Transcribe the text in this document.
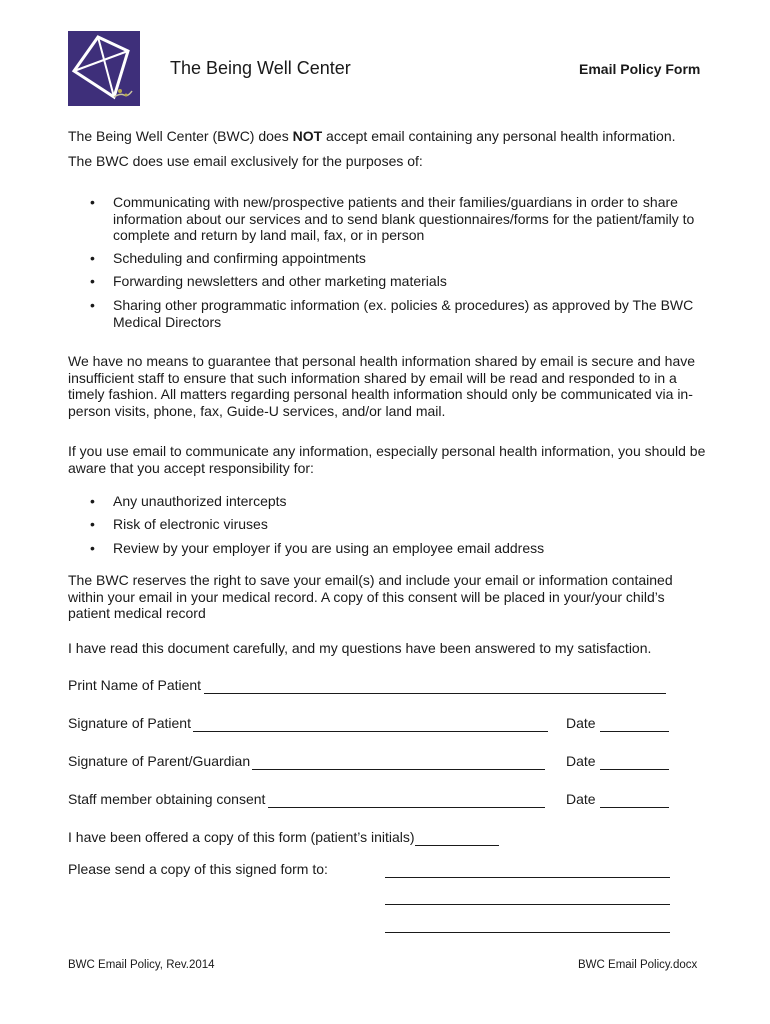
The Being Well Center	Email Policy Form
The Being Well Center (BWC) does NOT accept email containing any personal health information.
The BWC does use email exclusively for the purposes of:
• Communicating with new/prospective patients and their families/guardians in order to share information about our services and to send blank questionnaires/forms for the patient/family to complete and return by land mail, fax, or in person
• Scheduling and confirming appointments
• Forwarding newsletters and other marketing materials
• Sharing other programmatic information (ex. policies & procedures) as approved by The BWC Medical Directors
We have no means to guarantee that personal health information shared by email is secure and have insufficient staff to ensure that such information shared by email will be read and responded to in a timely fashion. All matters regarding personal health information should only be communicated via in-person visits, phone, fax, Guide-U services, and/or land mail.
If you use email to communicate any information, especially personal health information, you should be aware that you accept responsibility for:
• Any unauthorized intercepts
• Risk of electronic viruses
• Review by your employer if you are using an employee email address
The BWC reserves the right to save your email(s) and include your email or information contained within your email in your medical record. A copy of this consent will be placed in your/your child’s patient medical record
I have read this document carefully, and my questions have been answered to my satisfaction.
Print Name of Patient
Signature of Patient	Date
Signature of Parent/Guardian	Date
Staff member obtaining consent	Date
I have been offered a copy of this form (patient’s initials)
Please send a copy of this signed form to:
BWC Email Policy, Rev.2014	BWC Email Policy.docx
